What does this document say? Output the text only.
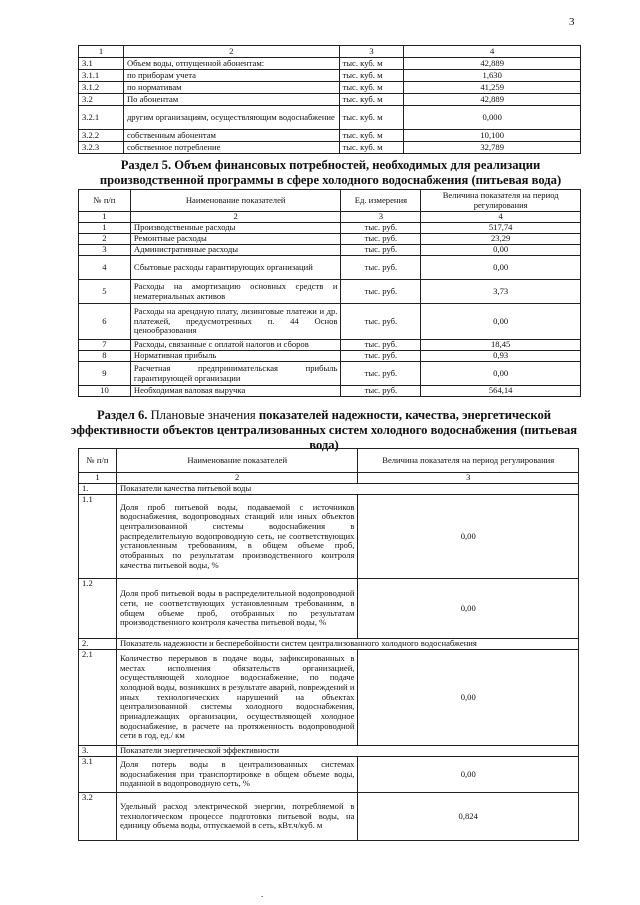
3
1	2	3	4
3.1	Объем воды, отпущенной абонентам:	тыс. куб. м	42,889
3.1.1	по приборам учета	тыс. куб. м	1,630
3.1.2	по нормативам	тыс. куб. м	41,259
3.2	По абонентам	тыс. куб. м	42,889
3.2.1	другим организациям, осуществляющим водоснабжение	тыс. куб. м	0,000
3.2.2	собственным абонентам	тыс. куб. м	10,100
3.2.3	собственное потребление	тыс. куб. м	32,789
Раздел 5. Объем финансовых потребностей, необходимых для реализации производственной программы в сфере холодного водоснабжения (питьевая вода)
№ п/п	Наименование показателей	Ед. измерения	Величина показателя на период регулирования
1	2	3	4
1	Производственные расходы	тыс. руб.	517,74
2	Ремонтные расходы	тыс. руб.	23,29
3	Административные расходы	тыс. руб.	0,00
4	Сбытовые расходы гарантирующих организаций	тыс. руб.	0,00
5	Расходы на амортизацию основных средств и нематериальных активов	тыс. руб.	3,73
6	Расходы на арендную плату, лизинговые платежи и др. платежей, предусмотренных п. 44 Основ ценообразования	тыс. руб.	0,00
7	Расходы, связанные с оплатой налогов и сборов	тыс. руб.	18,45
8	Нормативная прибыль	тыс. руб.	0,93
9	Расчетная предпринимательская прибыль гарантирующей организации	тыс. руб.	0,00
10	Необходимая валовая выручка	тыс. руб.	564,14
Раздел 6. Плановые значения показателей надежности, качества, энергетической эффективности объектов централизованных систем холодного водоснабжения (питьевая вода)
№ п/п	Наименование показателей	Величина показателя на период регулирования
1	2	3
1.	Показатели качества питьевой воды	
1.1	Доля проб питьевой воды, подаваемой с источников водоснабжения, водопроводных станций или иных объектов централизованной системы водоснабжения в распределительную водопроводную сеть, не соответствующих установленным требованиям, в общем объеме проб, отобранных по результатам производственного контроля качества питьевой воды, %	0,00
1.2	Доля проб питьевой воды в распределительной водопроводной сети, не соответствующих установленным требованиям, в общем объеме проб, отобранных по результатам производственного контроля качества питьевой воды, %	0,00
2.	Показатель надежности и бесперебойности систем централизованного холодного водоснабжения	
2.1	Количество перерывов в подаче воды, зафиксированных в местах исполнения обязательств организацией, осуществляющей холодное водоснабжение, по подаче холодной воды, возникших в результате аварий, повреждений и иных технологических нарушений на объектах централизованной системы холодного водоснабжения, принадлежащих организации, осуществляющей холодное водоснабжение, в расчете на протяженность водопроводной сети в год, ед./ км	0,00
3.	Показатели энергетической эффективности	
3.1	Доля потерь воды в централизованных системах водоснабжения при транспортировке в общем объеме воды, поданной в водопроводную сеть, %	0,00
3.2	Удельный расход электрической энергии, потребляемой в технологическом процессе подготовки питьевой воды, на единицу объема воды, отпускаемой в сеть, кВт.ч/куб. м	0,824
.
